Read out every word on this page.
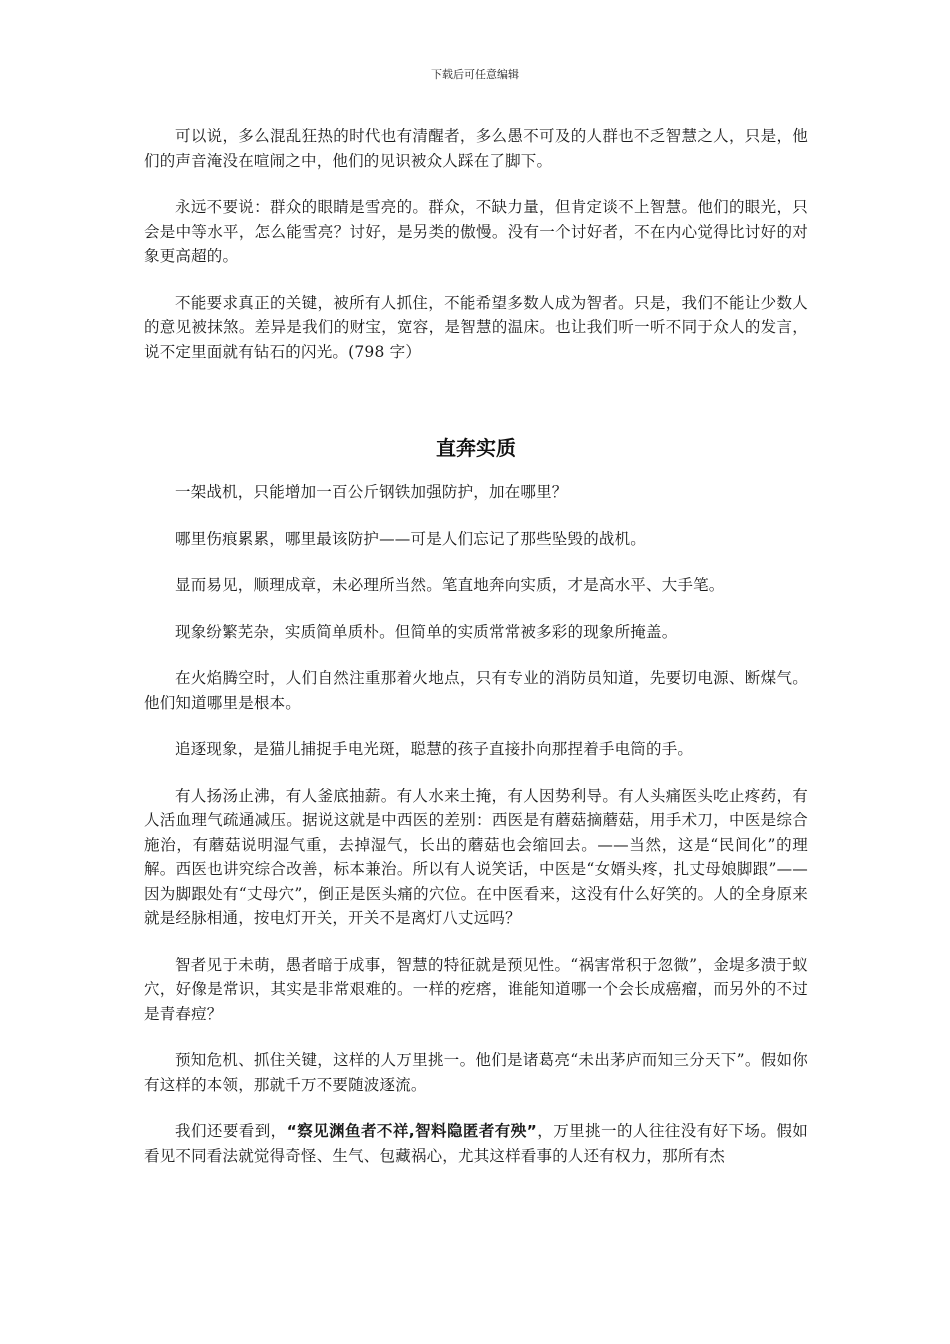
下载后可任意编辑

可以说，多么混乱狂热的时代也有清醒者，多么愚不可及的人群也不乏智慧之人，只是，他们的声音淹没在喧闹之中，他们的见识被众人踩在了脚下。

永远不要说：群众的眼睛是雪亮的。群众，不缺力量，但肯定谈不上智慧。他们的眼光，只会是中等水平，怎么能雪亮？讨好，是另类的傲慢。没有一个讨好者，不在内心觉得比讨好的对象更高超的。

不能要求真正的关键，被所有人抓住，不能希望多数人成为智者。只是，我们不能让少数人的意见被抹煞。差异是我们的财宝，宽容，是智慧的温床。也让我们听一听不同于众人的发言，说不定里面就有钻石的闪光。(798 字）

直奔实质

一架战机，只能增加一百公斤钢铁加强防护，加在哪里？

哪里伤痕累累，哪里最该防护——可是人们忘记了那些坠毁的战机。

显而易见，顺理成章，未必理所当然。笔直地奔向实质，才是高水平、大手笔。

现象纷繁芜杂，实质简单质朴。但简单的实质常常被多彩的现象所掩盖。

在火焰腾空时，人们自然注重那着火地点，只有专业的消防员知道，先要切电源、断煤气。他们知道哪里是根本。

追逐现象，是猫儿捕捉手电光斑，聪慧的孩子直接扑向那捏着手电筒的手。

有人扬汤止沸，有人釜底抽薪。有人水来土掩，有人因势利导。有人头痛医头吃止疼药，有人活血理气疏通减压。据说这就是中西医的差别：西医是有蘑菇摘蘑菇，用手术刀，中医是综合施治，有蘑菇说明湿气重，去掉湿气，长出的蘑菇也会缩回去。——当然，这是“民间化”的理解。西医也讲究综合改善，标本兼治。所以有人说笑话，中医是“女婿头疼，扎丈母娘脚跟”——因为脚跟处有“丈母穴”，倒正是医头痛的穴位。在中医看来，这没有什么好笑的。人的全身原来就是经脉相通，按电灯开关，开关不是离灯八丈远吗？

智者见于未萌，愚者暗于成事，智慧的特征就是预见性。“祸害常积于忽微”，金堤多溃于蚁穴，好像是常识，其实是非常艰难的。一样的疙瘩，谁能知道哪一个会长成癌瘤，而另外的不过是青春痘？

预知危机、抓住关键，这样的人万里挑一。他们是诸葛亮“未出茅庐而知三分天下”。假如你有这样的本领，那就千万不要随波逐流。

我们还要看到，“察见渊鱼者不祥,智料隐匿者有殃”，万里挑一的人往往没有好下场。假如看见不同看法就觉得奇怪、生气、包藏祸心，尤其这样看事的人还有权力，那所有杰
